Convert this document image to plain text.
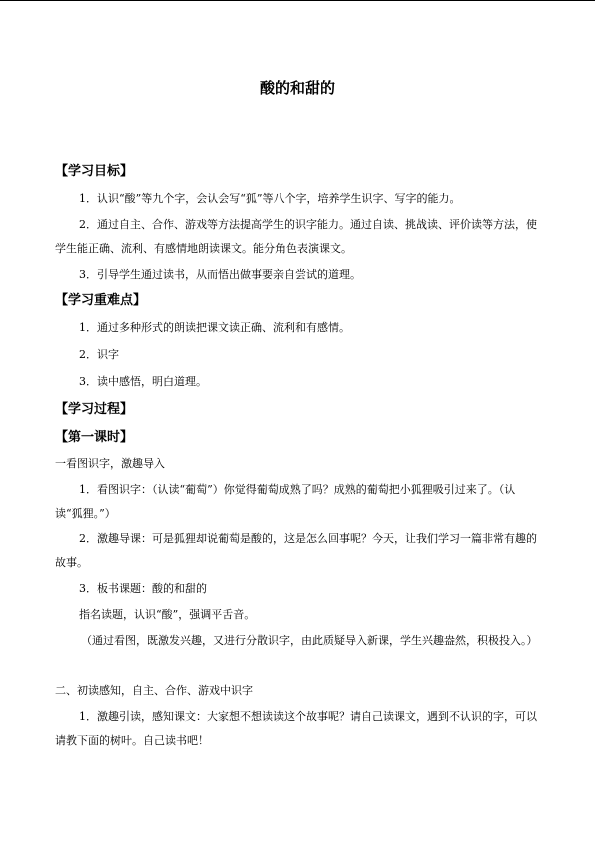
酸的和甜的
【学习目标】
1．认识“酸”等九个字，会认会写“狐”等八个字，培养学生识字、写字的能力。
2．通过自主、合作、游戏等方法提高学生的识字能力。通过自读、挑战读、评价读等方法，使学生能正确、流利、有感情地朗读课文。能分角色表演课文。
3．引导学生通过读书，从而悟出做事要亲自尝试的道理。
【学习重难点】
1．通过多种形式的朗读把课文读正确、流利和有感情。
2．识字
3．读中感悟，明白道理。
【学习过程】
【第一课时】
一看图识字，激趣导入
1．看图识字：（认读“葡萄”）你觉得葡萄成熟了吗？成熟的葡萄把小狐狸吸引过来了。（认读“狐狸。”）
2．激趣导课：可是狐狸却说葡萄是酸的，这是怎么回事呢？今天，让我们学习一篇非常有趣的故事。
3．板书课题：酸的和甜的
指名读题，认识“酸”，强调平舌音。
（通过看图，既激发兴趣，又进行分散识字，由此质疑导入新课，学生兴趣盎然，积极投入。）
二、初读感知，自主、合作、游戏中识字
1．激趣引读，感知课文：大家想不想读读这个故事呢？请自己读课文，遇到不认识的字，可以请教下面的树叶。自己读书吧！
